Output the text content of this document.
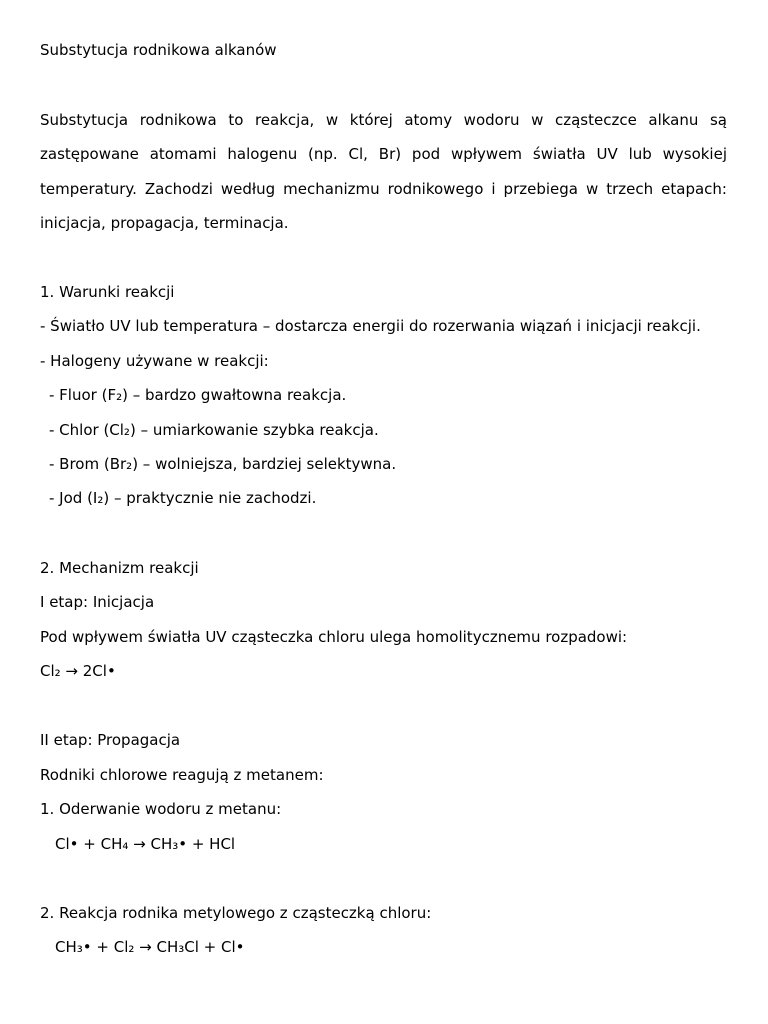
Substytucja rodnikowa alkanów
Substytucja rodnikowa to reakcja, w której atomy wodoru w cząsteczce alkanu są
zastępowane atomami halogenu (np. Cl, Br) pod wpływem światła UV lub wysokiej
temperatury. Zachodzi według mechanizmu rodnikowego i przebiega w trzech etapach:
inicjacja, propagacja, terminacja.
1. Warunki reakcji
- Światło UV lub temperatura – dostarcza energii do rozerwania wiązań i inicjacji reakcji.
- Halogeny używane w reakcji:
- Fluor (F₂) – bardzo gwałtowna reakcja.
- Chlor (Cl₂) – umiarkowanie szybka reakcja.
- Brom (Br₂) – wolniejsza, bardziej selektywna.
- Jod (I₂) – praktycznie nie zachodzi.
2. Mechanizm reakcji
I etap: Inicjacja
Pod wpływem światła UV cząsteczka chloru ulega homolitycznemu rozpadowi:
Cl₂ → 2Cl•
II etap: Propagacja
Rodniki chlorowe reagują z metanem:
1. Oderwanie wodoru z metanu:
Cl• + CH₄ → CH₃• + HCl
2. Reakcja rodnika metylowego z cząsteczką chloru:
CH₃• + Cl₂ → CH₃Cl + Cl•
